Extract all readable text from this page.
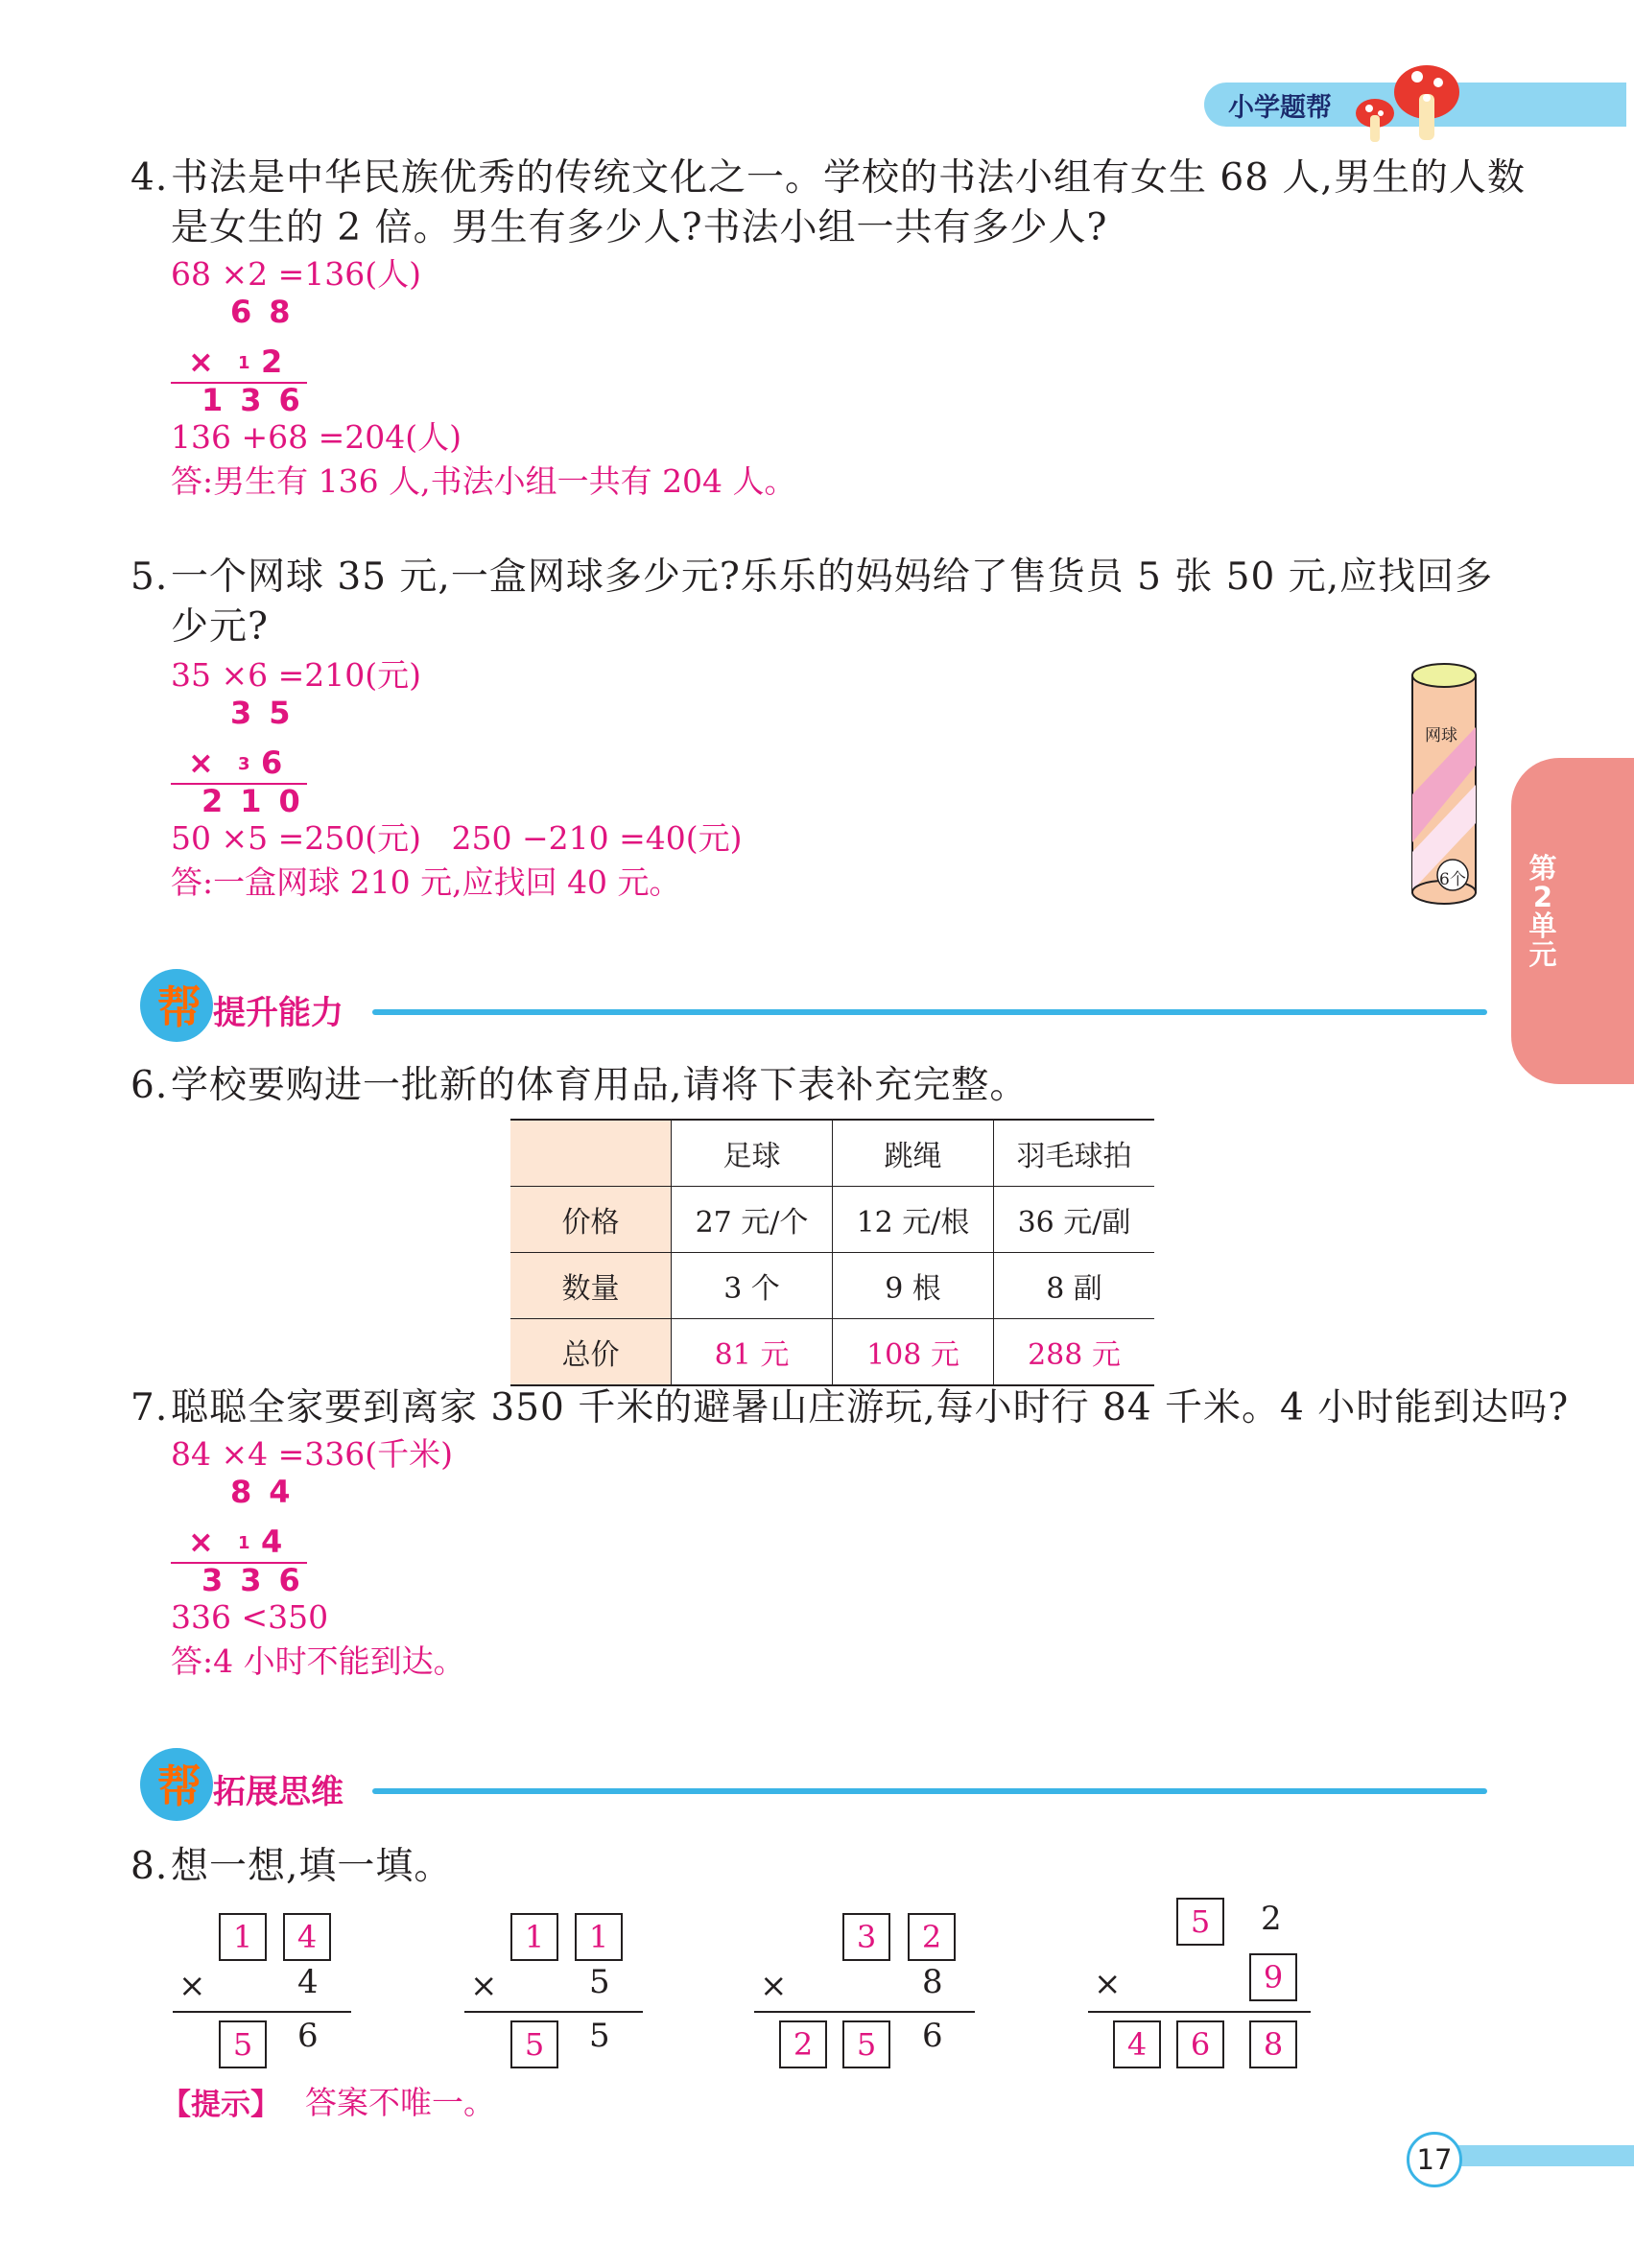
小学题帮
第2单元
4. 书法是中华民族优秀的传统文化之一。学校的书法小组有女生 68 人,男生的人数
是女生的 2 倍。男生有多少人?书法小组一共有多少人?
68 ×2 =136(人)
68
× 1 2
136
136 +68 =204(人)
答:男生有 136 人,书法小组一共有 204 人。
5. 一个网球 35 元,一盒网球多少元?乐乐的妈妈给了售货员 5 张 50 元,应找回多
少元?
35 ×6 =210(元)
35
× 3 6
210
50 ×5 =250(元)   250 −210 =40(元)
答:一盒网球 210 元,应找回 40 元。
网球
6个
帮 提升能力
6. 学校要购进一批新的体育用品,请将下表补充完整。
	足球	跳绳	羽毛球拍
价格	27 元/个	12 元/根	36 元/副
数量	3 个	9 根	8 副
总价	81 元	108 元	288 元
7. 聪聪全家要到离家 350 千米的避暑山庄游玩,每小时行 84 千米。4 小时能到达吗?
84 ×4 =336(千米)
84
× 1 4
336
336 <350
答:4 小时不能到达。
帮 拓展思维
8. 想一想,填一填。
1	4
×	4
5	6
1	1
×	5
5	5
3	2
×	8
2	5	6
5	2
×	9
4	6	8
【提示】 答案不唯一。
17
